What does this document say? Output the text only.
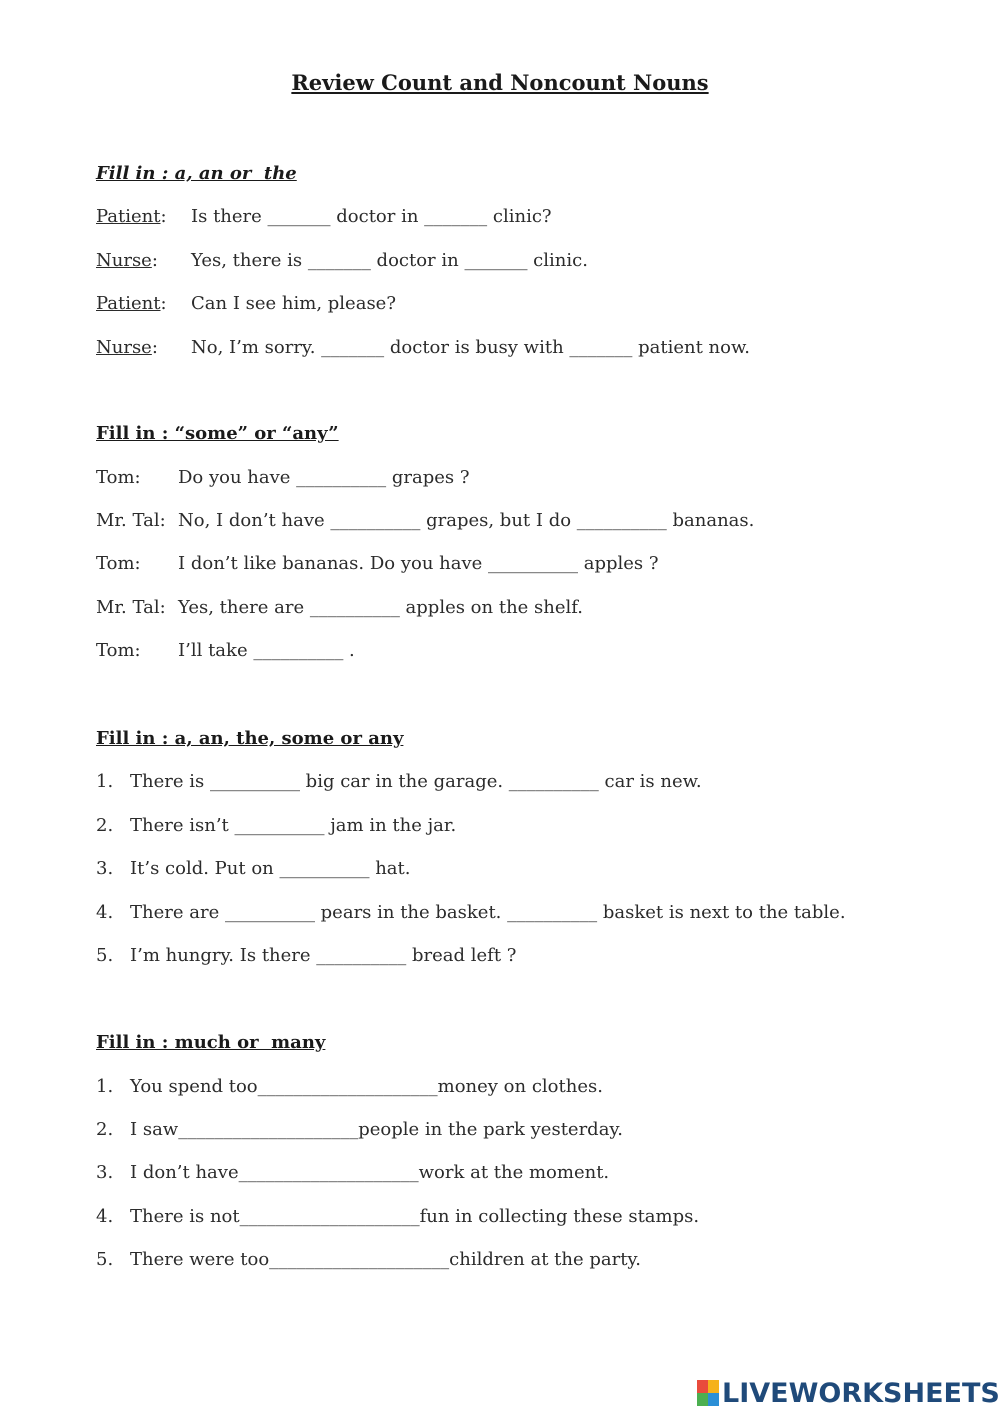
Review Count and Noncount Nouns
Fill in : a, an or  the
Patient:	Is there _______ doctor in _______ clinic?
Nurse:	Yes, there is _______ doctor in _______ clinic.
Patient:	Can I see him, please?
Nurse:	No, I’m sorry. _______ doctor is busy with _______ patient now.
Fill in : “some” or “any”
Tom:	Do you have __________ grapes ?
Mr. Tal: No, I don’t have __________ grapes, but I do __________ bananas.
Tom:	I don’t like bananas. Do you have __________ apples ?
Mr. Tal: Yes, there are __________ apples on the shelf.
Tom:	I’ll take __________ .
Fill in : a, an, the, some or any
1. There is __________ big car in the garage. __________ car is new.
2. There isn’t __________ jam in the jar.
3. It’s cold. Put on __________ hat.
4. There are __________ pears in the basket. __________ basket is next to the table.
5. I’m hungry. Is there __________ bread left ?
Fill in : much or  many
1. You spend too____________________money on clothes.
2. I saw____________________people in the park yesterday.
3. I don’t have____________________work at the moment.
4. There is not____________________fun in collecting these stamps.
5. There were too____________________children at the party.
LIVEWORKSHEETS
